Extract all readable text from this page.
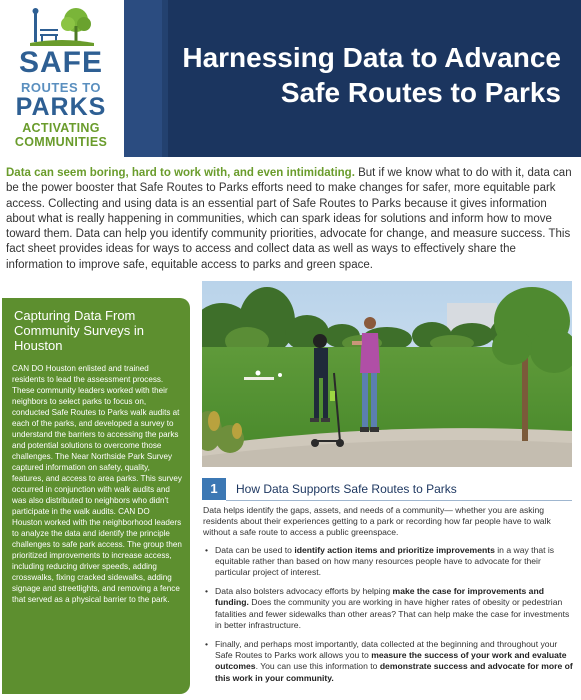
SAFE
ROUTES TO
PARKS
ACTIVATING
COMMUNITIES
Harnessing Data to Advance
Safe Routes to Parks

Data can seem boring, hard to work with, and even intimidating. But if we know what to do with it, data can be the power booster that Safe Routes to Parks efforts need to make changes for safer, more equitable park access. Collecting and using data is an essential part of Safe Routes to Parks because it gives information about what is really happening in communities, which can spark ideas for solutions and inform how to move toward them. Data can help you identify community priorities, advocate for change, and measure success. This fact sheet provides ideas for ways to access and collect data as well as ways to effectively share the information to improve safe, equitable access to parks and green space.

Capturing Data From Community Surveys in Houston

CAN DO Houston enlisted and trained residents to lead the assessment process. These community leaders worked with their neighbors to select parks to focus on, conducted Safe Routes to Parks walk audits at each of the parks, and developed a survey to understand the barriers to accessing the parks and potential solutions to overcome those challenges. The Near Northside Park Survey captured information on safety, quality, features, and access to area parks. This survey occurred in conjunction with walk audits and was also distributed to neighbors who didn't participate in the walk audits. CAN DO Houston worked with the neighborhood leaders to analyze the data and identify the principle challenges to safe park access. The group then prioritized improvements to increase access, including reducing driver speeds, adding crosswalks, fixing cracked sidewalks, adding signage and streetlights, and removing a fence that served as a physical barrier to the park.

1	How Data Supports Safe Routes to Parks

Data helps identify the gaps, assets, and needs of a community— whether you are asking residents about their experiences getting to a park or recording how far people have to walk without a safe route to access a public greenspace.

• Data can be used to identify action items and prioritize improvements in a way that is equitable rather than based on how many resources people have to advocate for their particular project of interest.
• Data also bolsters advocacy efforts by helping make the case for improvements and funding. Does the community you are working in have higher rates of obesity or pedestrian fatalities and fewer sidewalks than other areas? That can help make the case for investments in better infrastructure.
• Finally, and perhaps most importantly, data collected at the beginning and throughout your Safe Routes to Parks work allows you to measure the success of your work and evaluate outcomes. You can use this information to demonstrate success and advocate for more of this work in your community.
